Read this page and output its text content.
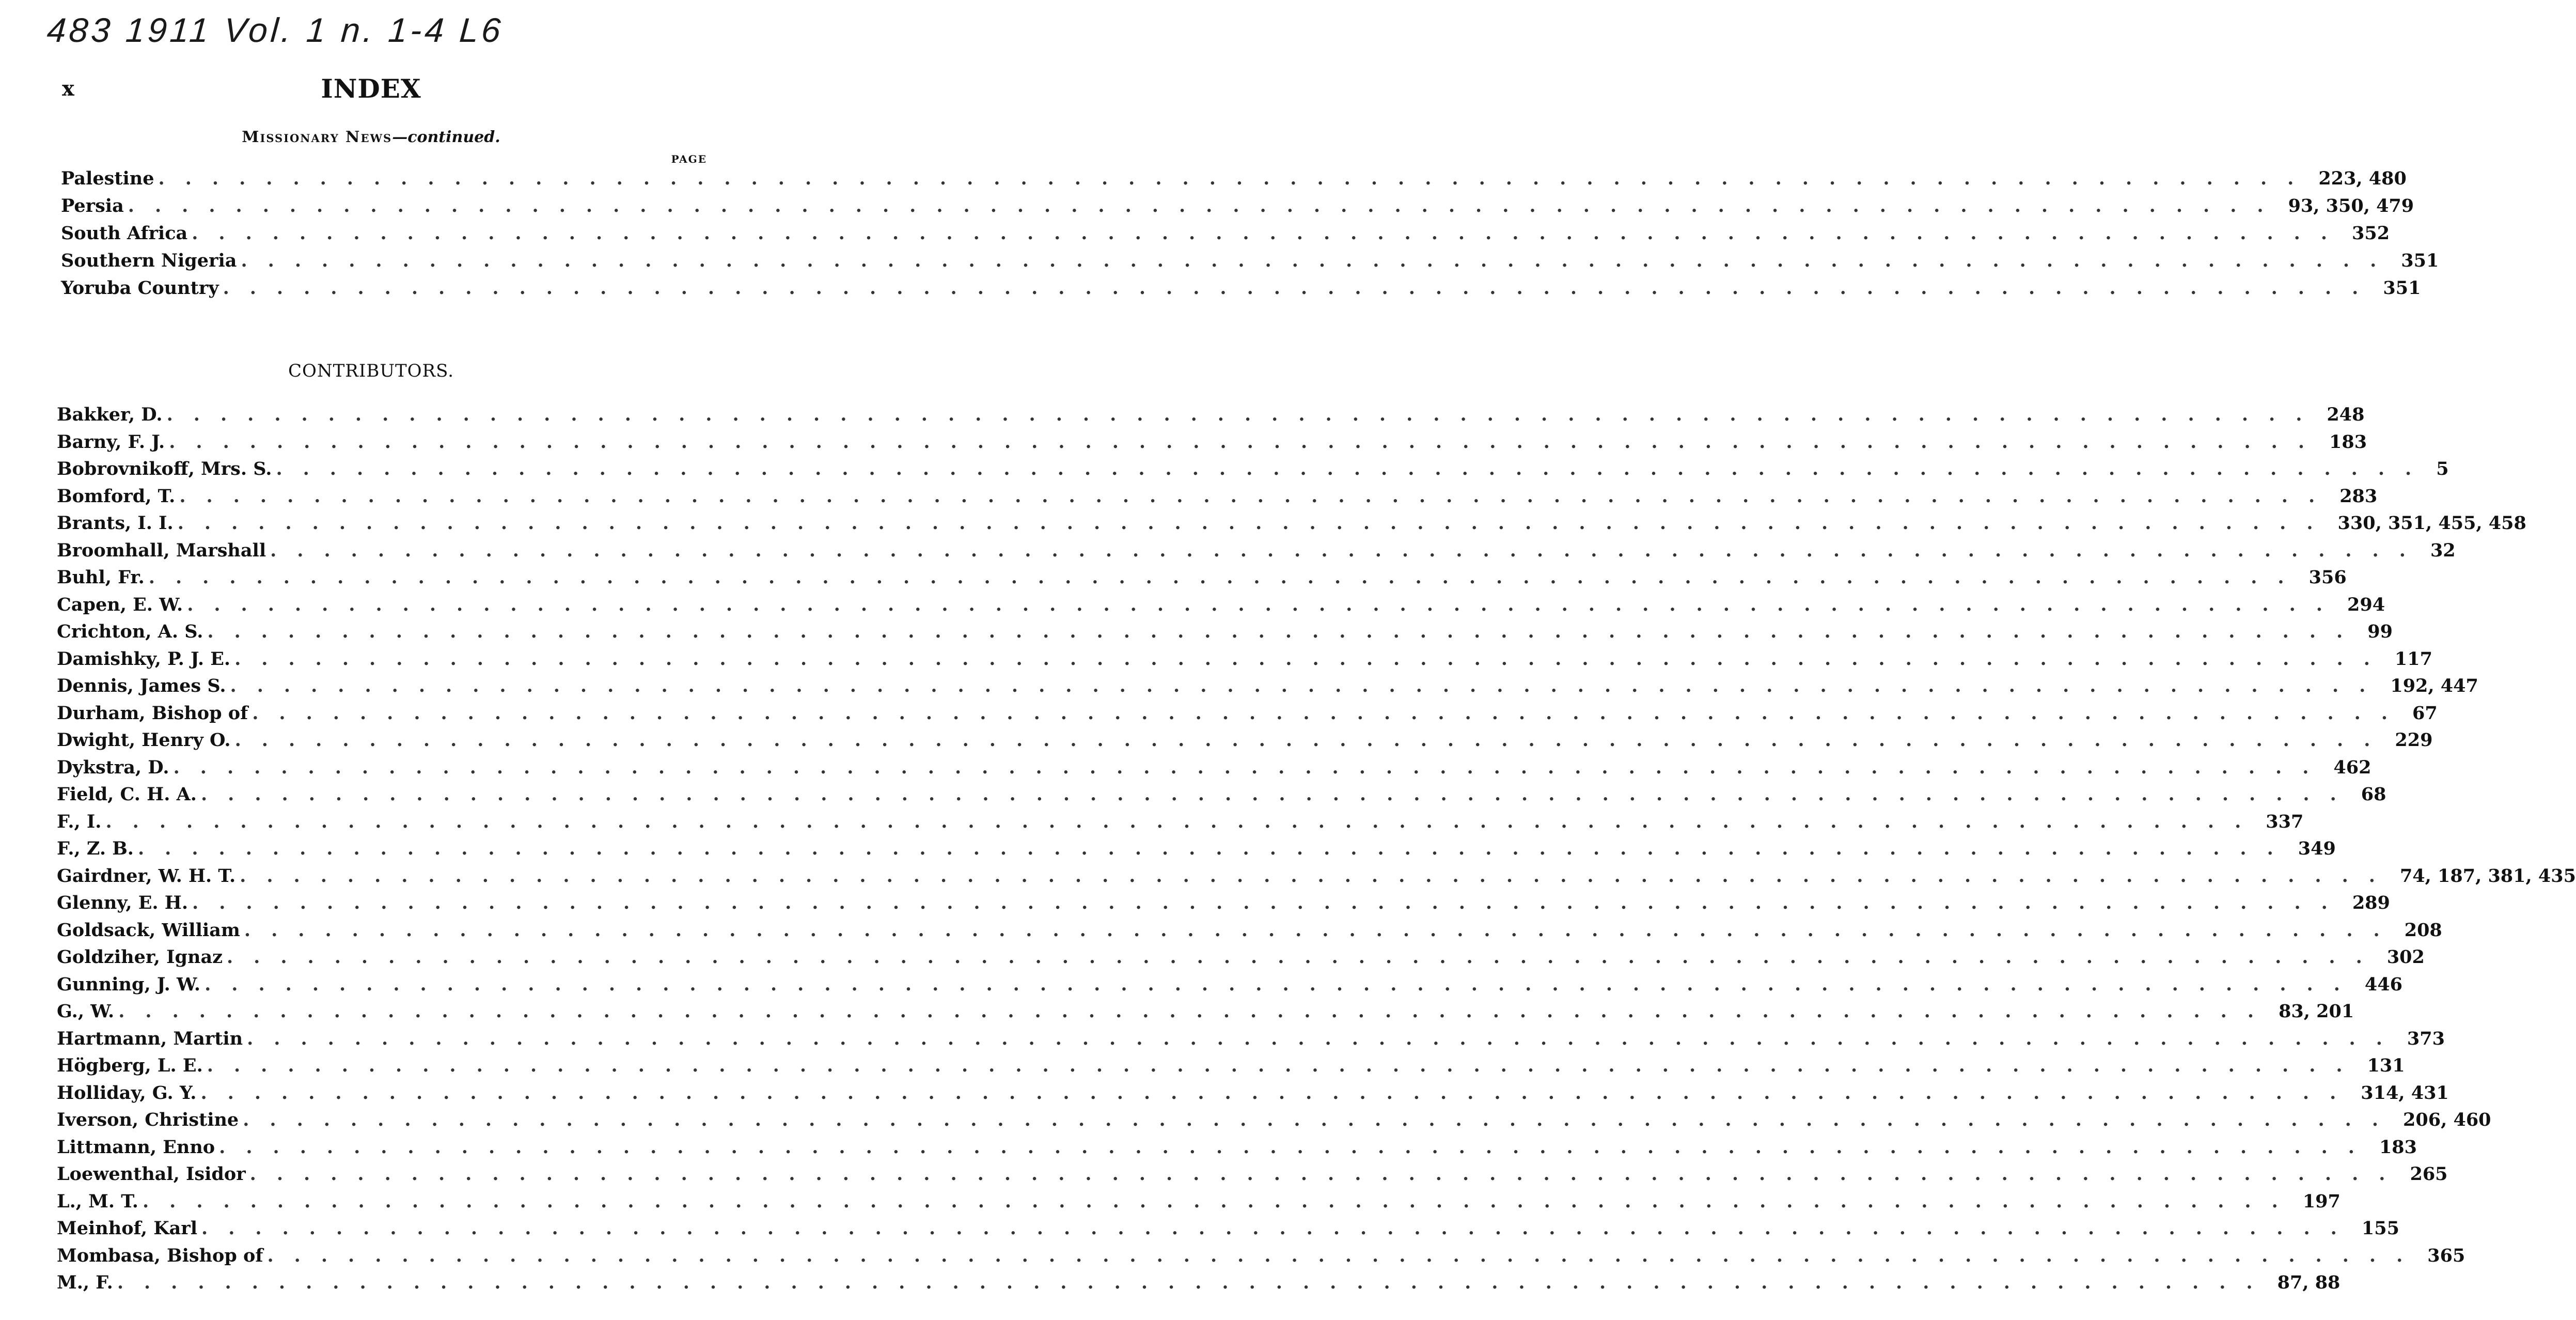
483 1911 Vol. 1 n. 1-4 L6
x	INDEX
Missionary News—continued.
PAGE
Palestine ................................................................................ 223, 480
Persia ................................................................................ 93, 350, 479
South Africa ................................................................................ 352
Southern Nigeria ................................................................................ 351
Yoruba Country ................................................................................ 351
CONTRIBUTORS.
Bakker, D. ................................................................................ 248
Barny, F. J. ................................................................................ 183
Bobrovnikoff, Mrs. S. ................................................................................ 5
Bomford, T. ................................................................................ 283
Brants, I. I. ................................................................................ 330, 351, 455, 458
Broomhall, Marshall ................................................................................ 32
Buhl, Fr. ................................................................................ 356
Capen, E. W. ................................................................................ 294
Crichton, A. S. ................................................................................ 99
Damishky, P. J. E. ................................................................................ 117
Dennis, James S. ................................................................................ 192, 447
Durham, Bishop of ................................................................................ 67
Dwight, Henry O. ................................................................................ 229
Dykstra, D. ................................................................................ 462
Field, C. H. A. ................................................................................ 68
F., I. ................................................................................ 337
F., Z. B. ................................................................................ 349
Gairdner, W. H. T. ................................................................................ 74, 187, 381, 435
Glenny, E. H. ................................................................................ 289
Goldsack, William ................................................................................ 208
Goldziher, Ignaz ................................................................................ 302
Gunning, J. W. ................................................................................ 446
G., W. ................................................................................ 83, 201
Hartmann, Martin ................................................................................ 373
Högberg, L. E. ................................................................................ 131
Holliday, G. Y. ................................................................................ 314, 431
Iverson, Christine ................................................................................ 206, 460
Littmann, Enno ................................................................................ 183
Loewenthal, Isidor ................................................................................ 265
L., M. T. ................................................................................ 197
Meinhof, Karl ................................................................................ 155
Mombasa, Bishop of ................................................................................ 365
M., F. ................................................................................ 87, 88
